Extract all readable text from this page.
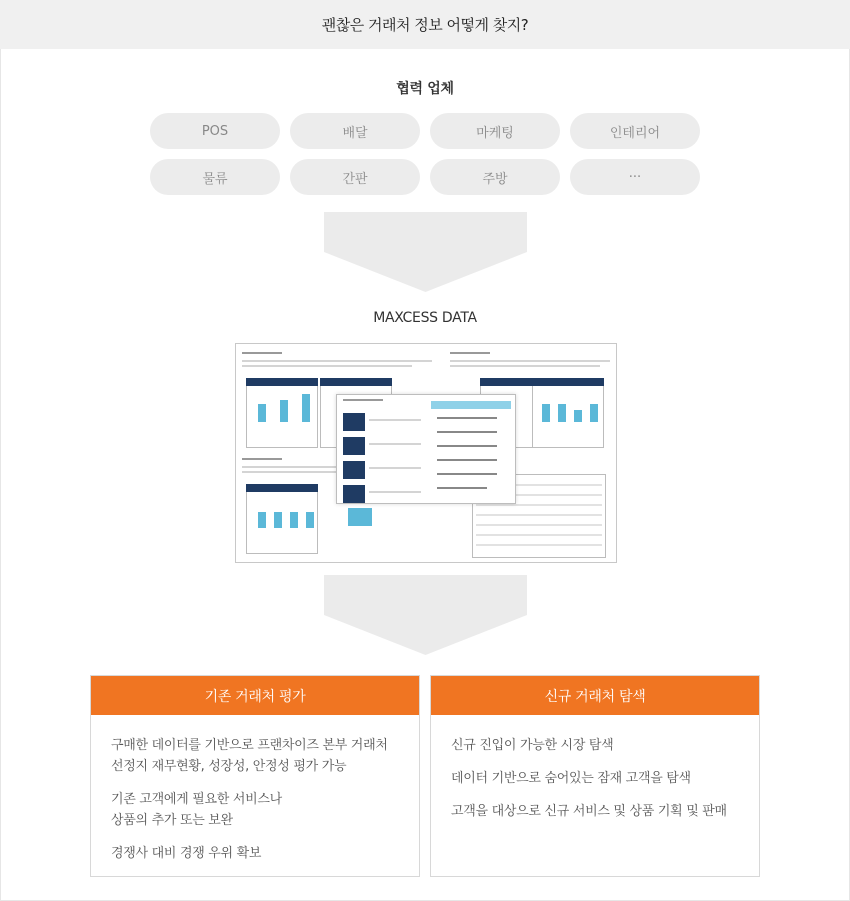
괜찮은 거래처 정보 어떻게 찾지?
협력 업체
POS	배달	마케팅	인테리어
물류	간판	주방	···
MAXCESS DATA
기존 거래처 평가
구매한 데이터를 기반으로 프랜차이즈 본부 거래처
선정지 재무현황, 성장성, 안정성 평가 가능
기존 고객에게 필요한 서비스나
상품의 추가 또는 보완
경쟁사 대비 경쟁 우위 확보
신규 거래처 탐색
신규 진입이 가능한 시장 탐색
데이터 기반으로 숨어있는 잠재 고객을 탐색
고객을 대상으로 신규 서비스 및 상품 기획 및 판매
